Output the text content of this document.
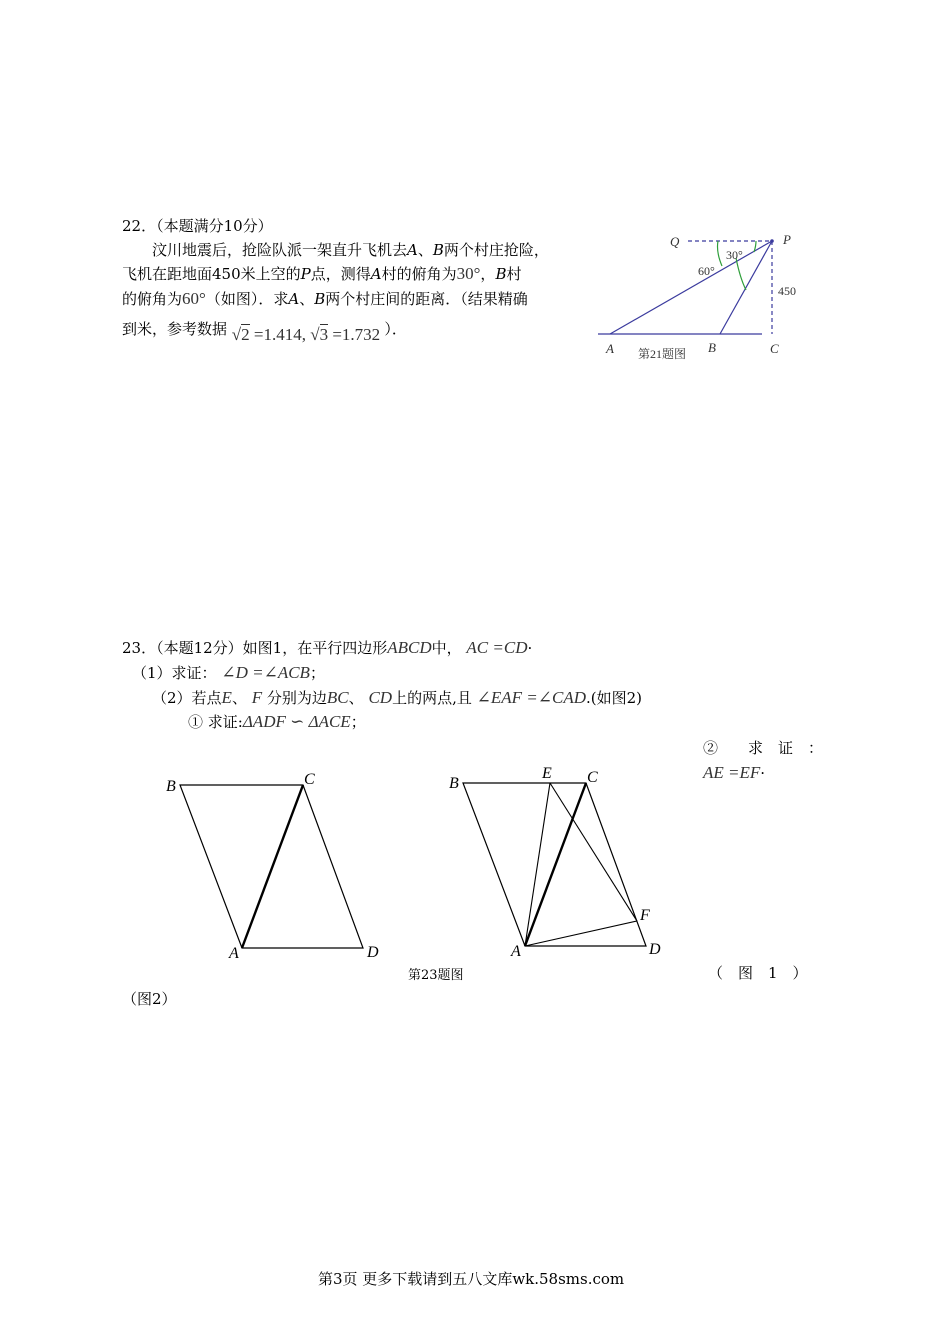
22．（本题满分10分）
汶川地震后，抢险队派一架直升飞机去A、B两个村庄抢险，
飞机在距地面450米上空的P点，测得A村的俯角为30°，B村
的俯角为60°（如图）．求A、B两个村庄间的距离．（结果精确
到米，参考数据 √2 =1.414, √3 =1.732 ）．
Q	P
A	B	C
30°
60°
450
第21题图
23．（本题12分）如图1，在平行四边形ABCD中， AC =CD·
（1）求证： ∠D =∠ACB；
（2）若点E、 F 分别为边BC、 CD上的两点,且 ∠EAF =∠CAD.(如图2)
① 求证:ΔADF ∽ ΔACE；
②　　求　证　：
AE =EF·
B	C
A	D
B
E C
F
A	D
第23题图	（　图　1　）
（图2）
第3页 更多下载请到五八文库wk.58sms.com
